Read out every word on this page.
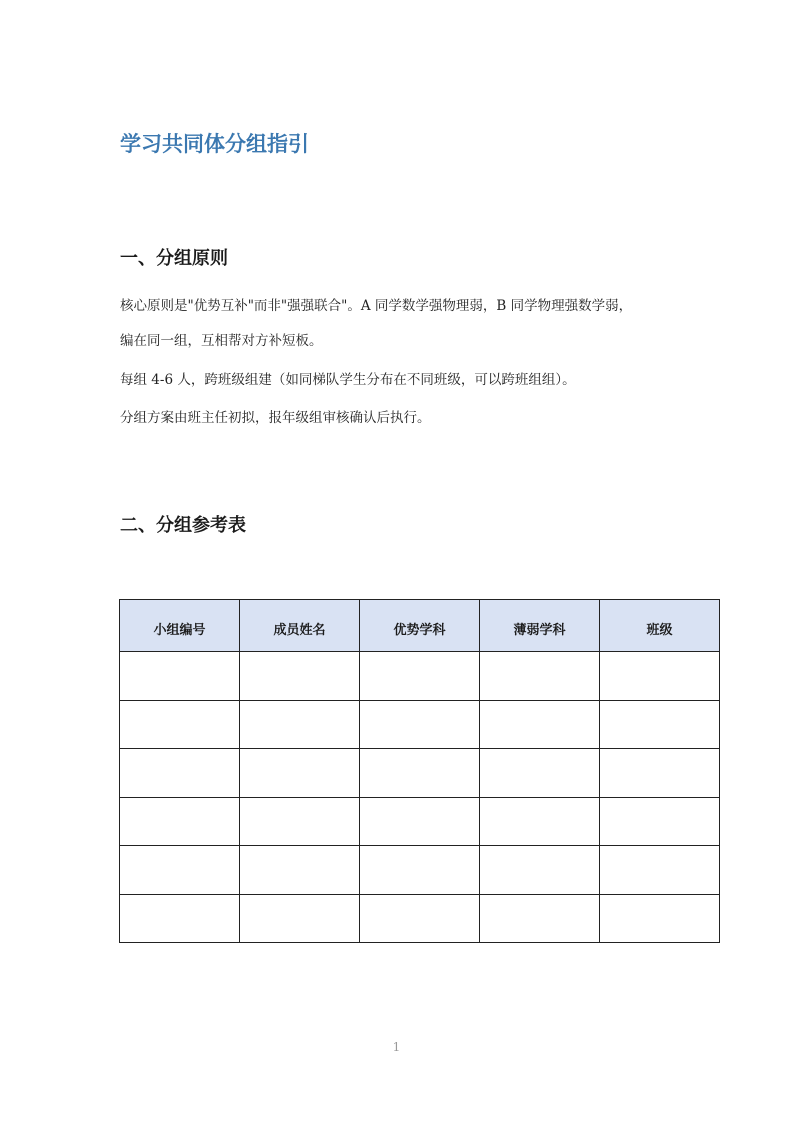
学习共同体分组指引
一、分组原则
核心原则是"优势互补"而非"强强联合"。A 同学数学强物理弱，B 同学物理强数学弱，
编在同一组，互相帮对方补短板。
每组 4-6 人，跨班级组建（如同梯队学生分布在不同班级，可以跨班组组）。
分组方案由班主任初拟，报年级组审核确认后执行。
二、分组参考表
小组编号	成员姓名	优势学科	薄弱学科	班级

1
